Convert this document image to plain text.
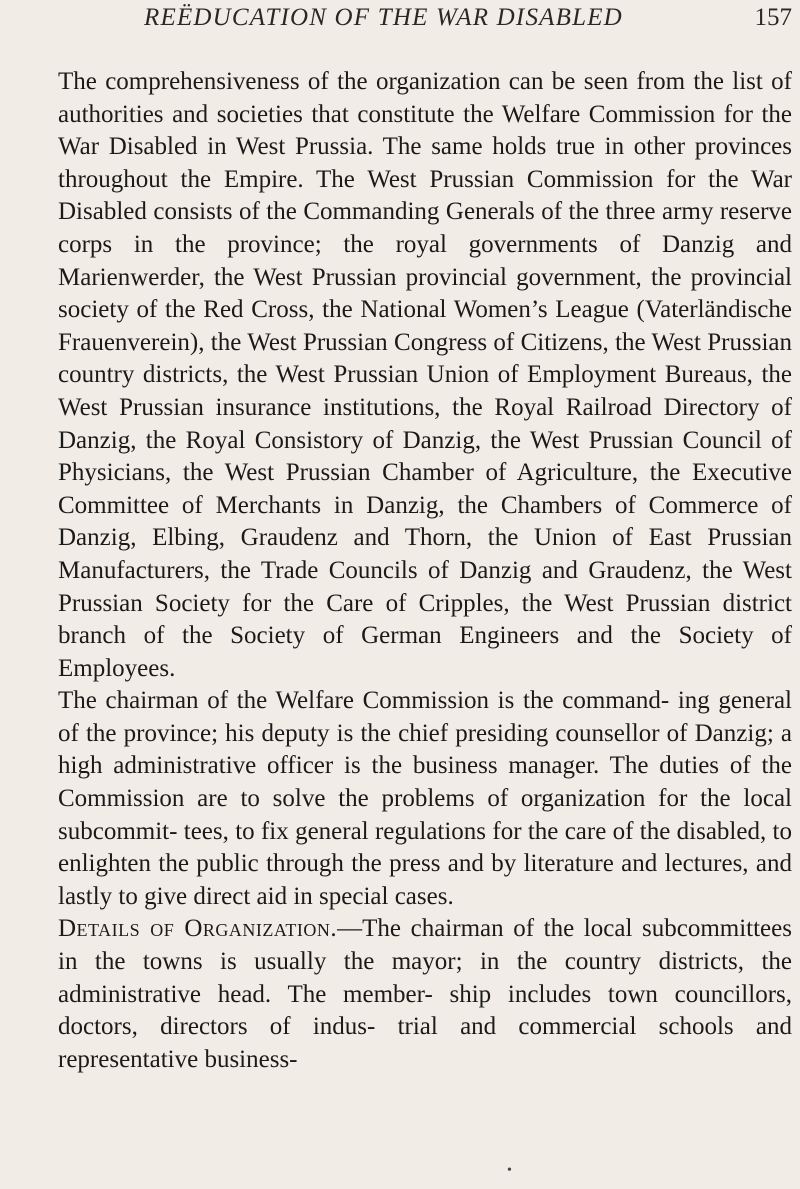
REËDUCATION OF THE WAR DISABLED	157

The comprehensiveness of the organization can be seen from the list of authorities and societies that constitute the Welfare Commission for the War Disabled in West Prussia. The same holds true in other provinces throughout the Empire. The West Prussian Commission for the War Disabled consists of the Commanding Generals of the three army reserve corps in the province; the royal governments of Danzig and Marienwerder, the West Prussian provincial government, the provincial society of the Red Cross, the National Women’s League (Vaterländische Frauenverein), the West Prussian Congress of Citizens, the West Prussian country districts, the West Prussian Union of Employment Bureaus, the West Prussian insurance institutions, the Royal Railroad Directory of Danzig, the Royal Consistory of Danzig, the West Prussian Council of Physicians, the West Prussian Chamber of Agriculture, the Executive Committee of Merchants in Danzig, the Chambers of Commerce of Danzig, Elbing, Graudenz and Thorn, the Union of East Prussian Manufacturers, the Trade Councils of Danzig and Graudenz, the West Prussian Society for the Care of Cripples, the West Prussian district branch of the Society of German Engineers and the Society of Employees.

The chairman of the Welfare Commission is the command- ing general of the province; his deputy is the chief presiding counsellor of Danzig; a high administrative officer is the business manager. The duties of the Commission are to solve the problems of organization for the local subcommit- tees, to fix general regulations for the care of the disabled, to enlighten the public through the press and by literature and lectures, and lastly to give direct aid in special cases.

Details of Organization.—The chairman of the local subcommittees in the towns is usually the mayor; in the country districts, the administrative head. The member- ship includes town councillors, doctors, directors of indus- trial and commercial schools and representative business-

•
